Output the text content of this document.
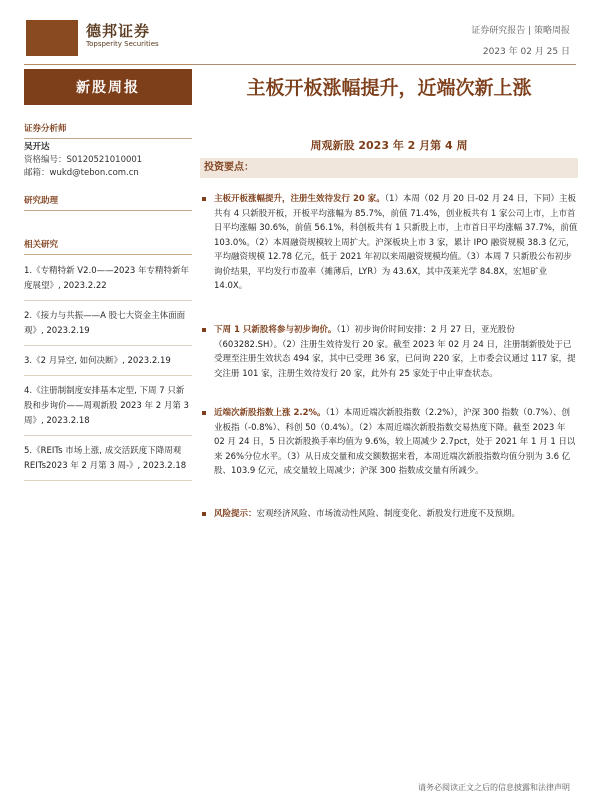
德邦证券
Topsperity Securities
证券研究报告 | 策略周报
2023 年 02 月 25 日
新股周报
证券分析师
吴开达
资格编号：S0120521010001
邮箱：wukd@tebon.com.cn
研究助理
相关研究
1.《专精特新 V2.0——2023 年专精特新年度展望》, 2023.2.22
2.《接力与共振——A 股七大资金主体面面观》, 2023.2.19
3.《2 月异空, 如何决断》, 2023.2.19
4.《注册制制度安排基本定型, 下周 7 只新股和步询价——周观新股 2023 年 2 月第 3 周》, 2023.2.18
5.《REITs 市场上涨, 成交活跃度下降周观 REITs2023 年 2 月第 3 周-》, 2023.2.18
主板开板涨幅提升，近端次新上涨
周观新股 2023 年 2 月第 4 周
投资要点：
主板开板涨幅提升，注册生效待发行 20 家。（1）本周（02 月 20 日-02 月 24 日，下同）主板共有 4 只新股开板，开板平均涨幅为 85.7%，前值 71.4%，创业板共有 1 家公司上市，上市首日平均涨幅 30.6%，前值 56.1%，科创板共有 1 只新股上市，上市首日平均涨幅 37.7%，前值 103.0%。（2）本周融资规模较上周扩大。沪深板块上市 3 家，累计 IPO 融资规模 38.3 亿元，平均融资规模 12.78 亿元，低于 2021 年初以来周融资规模均值。（3）本周 7 只新股公布初步询价结果，平均发行市盈率（摊薄后，LYR）为 43.6X，其中茂莱光学 84.8X，宏旭矿业 14.0X。
下周 1 只新股将参与初步询价。（1）初步询价时间安排：2 月 27 日，亚光股份（603282.SH）。（2）注册生效待发行 20 家。截至 2023 年 02 月 24 日，注册制新股处于已受理至注册生效状态 494 家，其中已受理 36 家，已问询 220 家，上市委会议通过 117 家，提交注册 101 家，注册生效待发行 20 家，此外有 25 家处于中止审查状态。
近端次新股指数上涨 2.2%。（1）本周近端次新股指数（2.2%），沪深 300 指数（0.7%）、创业板指（-0.8%）、科创 50（0.4%）。（2）本周近端次新股指数交易热度下降。截至 2023 年 02 月 24 日，5 日次新股换手率均值为 9.6%，较上周减少 2.7pct，处于 2021 年 1 月 1 日以来 26%分位水平。（3）从日成交量和成交额数据来看，本周近端次新股指数均值分别为 3.6 亿股、103.9 亿元，成交量较上周减少；沪深 300 指数成交量有所减少。
风险提示：宏观经济风险、市场流动性风险、制度变化、新股发行进度不及预期。
请务必阅读正文之后的信息披露和法律声明
